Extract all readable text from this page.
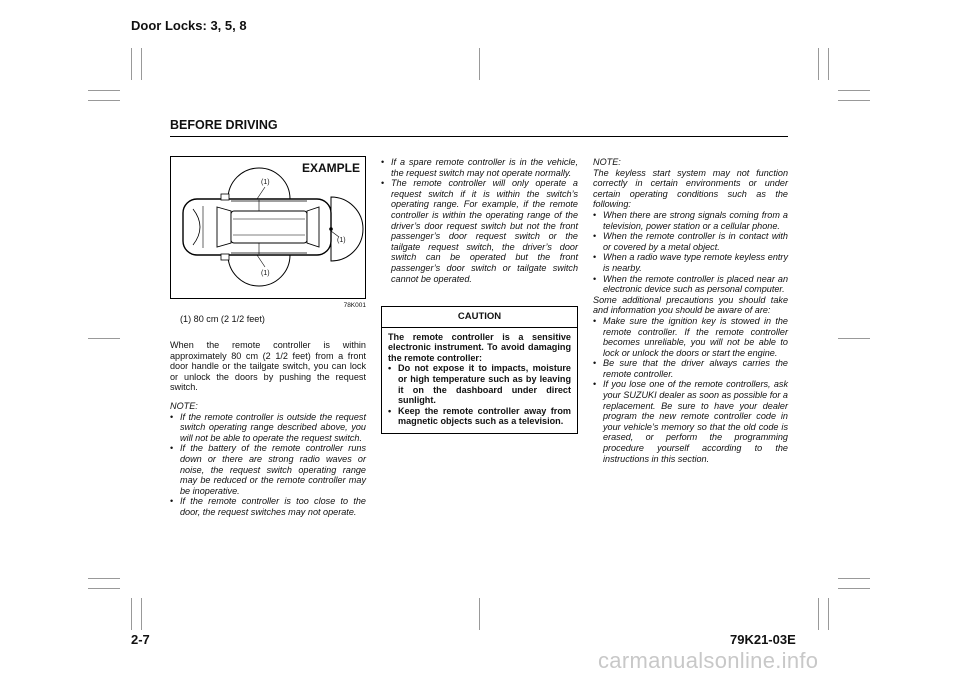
Door Locks: 3, 5, 8
BEFORE DRIVING
EXAMPLE
(1)
(1)
(1)
78K001
(1) 80 cm (2 1/2 feet)

When the remote controller is within approximately 80 cm (2 1/2 feet) from a front door handle or the tailgate switch, you can lock or unlock the doors by pushing the request switch.

NOTE:
• If the remote controller is outside the request switch operating range described above, you will not be able to operate the request switch.
• If the battery of the remote controller runs down or there are strong radio waves or noise, the request switch operating range may be reduced or the remote controller may be inoperative.
• If the remote controller is too close to the door, the request switches may not operate.
• If a spare remote controller is in the vehicle, the request switch may not operate normally.
• The remote controller will only operate a request switch if it is within the switch’s operating range. For example, if the remote controller is within the operating range of the driver’s door request switch but not the front passenger’s door request switch or the tailgate request switch, the driver’s door switch can be operated but the front passenger’s door switch or tailgate switch cannot be operated.
CAUTION
The remote controller is a sensitive electronic instrument. To avoid damaging the remote controller:
• Do not expose it to impacts, moisture or high temperature such as by leaving it on the dashboard under direct sunlight.
• Keep the remote controller away from magnetic objects such as a television.
NOTE:
The keyless start system may not function correctly in certain environments or under certain operating conditions such as the following:
• When there are strong signals coming from a television, power station or a cellular phone.
• When the remote controller is in contact with or covered by a metal object.
• When a radio wave type remote keyless entry is nearby.
• When the remote controller is placed near an electronic device such as personal computer.
Some additional precautions you should take and information you should be aware of are:
• Make sure the ignition key is stowed in the remote controller. If the remote controller becomes unreliable, you will not be able to lock or unlock the doors or start the engine.
• Be sure that the driver always carries the remote controller.
• If you lose one of the remote controllers, ask your SUZUKI dealer as soon as possible for a replacement. Be sure to have your dealer program the new remote controller code in your vehicle’s memory so that the old code is erased, or perform the programming procedure yourself according to the instructions in this section.
2-7	79K21-03E
carmanualsonline.info
